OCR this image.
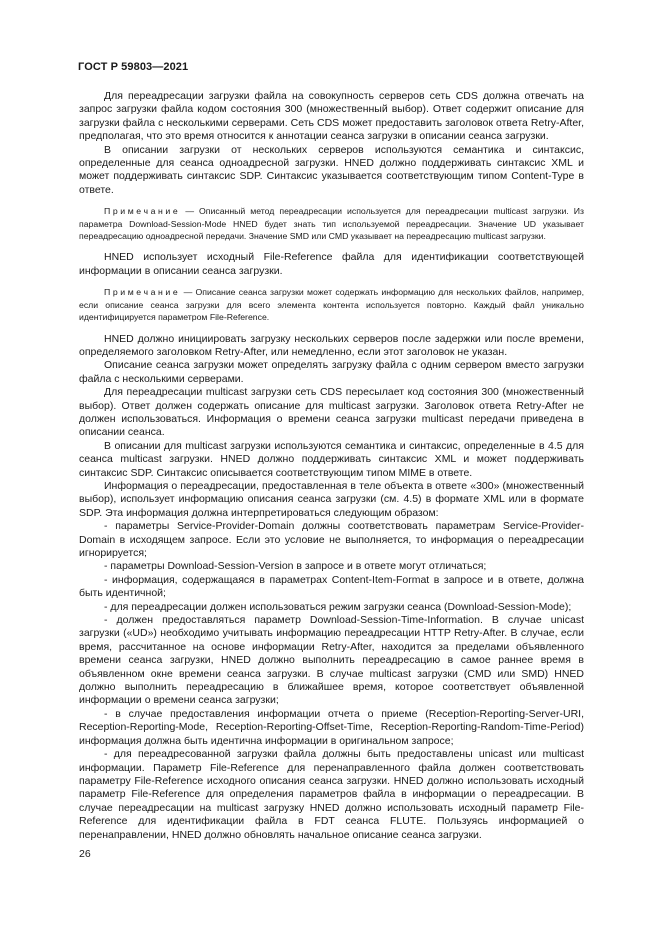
ГОСТ Р 59803—2021

Для переадресации загрузки файла на совокупность серверов сеть CDS должна отвечать на запрос загрузки файла кодом состояния 300 (множественный выбор). Ответ содержит описание для загрузки файла с несколькими серверами. Сеть CDS может предоставить заголовок ответа Retry-After, предполагая, что это время относится к аннотации сеанса загрузки в описании сеанса загрузки.

В описании загрузки от нескольких серверов используются семантика и синтаксис, определенные для сеанса одноадресной загрузки. HNED должно поддерживать синтаксис XML и может поддерживать синтаксис SDP. Синтаксис указывается соответствующим типом Content-Type в ответе.

Примечание — Описанный метод переадресации используется для переадресации multicast загрузки. Из параметра Download-Session-Mode HNED будет знать тип используемой переадресации. Значение UD указывает переадресацию одноадресной передачи. Значение SMD или CMD указывает на переадресацию multicast загрузки.

HNED использует исходный File-Reference файла для идентификации соответствующей информации в описании сеанса загрузки.

Примечание — Описание сеанса загрузки может содержать информацию для нескольких файлов, например, если описание сеанса загрузки для всего элемента контента используется повторно. Каждый файл уникально идентифицируется параметром File-Reference.

HNED должно инициировать загрузку нескольких серверов после задержки или после времени, определяемого заголовком Retry-After, или немедленно, если этот заголовок не указан.

Описание сеанса загрузки может определять загрузку файла с одним сервером вместо загрузки файла с несколькими серверами.

Для переадресации multicast загрузки сеть CDS пересылает код состояния 300 (множественный выбор). Ответ должен содержать описание для multicast загрузки. Заголовок ответа Retry-After не должен использоваться. Информация о времени сеанса загрузки multicast передачи приведена в описании сеанса.

В описании для multicast загрузки используются семантика и синтаксис, определенные в 4.5 для сеанса multicast загрузки. HNED должно поддерживать синтаксис XML и может поддерживать синтаксис SDP. Синтаксис описывается соответствующим типом MIME в ответе.

Информация о переадресации, предоставленная в теле объекта в ответе «300» (множественный выбор), использует информацию описания сеанса загрузки (см. 4.5) в формате XML или в формате SDP. Эта информация должна интерпретироваться следующим образом:

- параметры Service-Provider-Domain должны соответствовать параметрам Service-Provider-Domain в исходящем запросе. Если это условие не выполняется, то информация о переадресации игнорируется;

- параметры Download-Session-Version в запросе и в ответе могут отличаться;

- информация, содержащаяся в параметрах Content-Item-Format в запросе и в ответе, должна быть идентичной;

- для переадресации должен использоваться режим загрузки сеанса (Download-Session-Mode);

- должен предоставляться параметр Download-Session-Time-Information. В случае unicast загрузки («UD») необходимо учитывать информацию переадресации HTTP Retry-After. В случае, если время, рассчитанное на основе информации Retry-After, находится за пределами объявленного времени сеанса загрузки, HNED должно выполнить переадресацию в самое раннее время в объявленном окне времени сеанса загрузки. В случае multicast загрузки (CMD или SMD) HNED должно выполнить переадресацию в ближайшее время, которое соответствует объявленной информации о времени сеанса загрузки;

- в случае предоставления информации отчета о приеме (Reception-Reporting-Server-URI, Reception-Reporting-Mode, Reception-Reporting-Offset-Time, Reception-Reporting-Random-Time-Period) информация должна быть идентична информации в оригинальном запросе;

- для переадресованной загрузки файла должны быть предоставлены unicast или multicast информации. Параметр File-Reference для перенаправленного файла должен соответствовать параметру File-Reference исходного описания сеанса загрузки. HNED должно использовать исходный параметр File-Reference для определения параметров файла в информации о переадресации. В случае переадресации на multicast загрузку HNED должно использовать исходный параметр File-Reference для идентификации файла в FDT сеанса FLUTE. Пользуясь информацией о перенаправлении, HNED должно обновлять начальное описание сеанса загрузки.

26
